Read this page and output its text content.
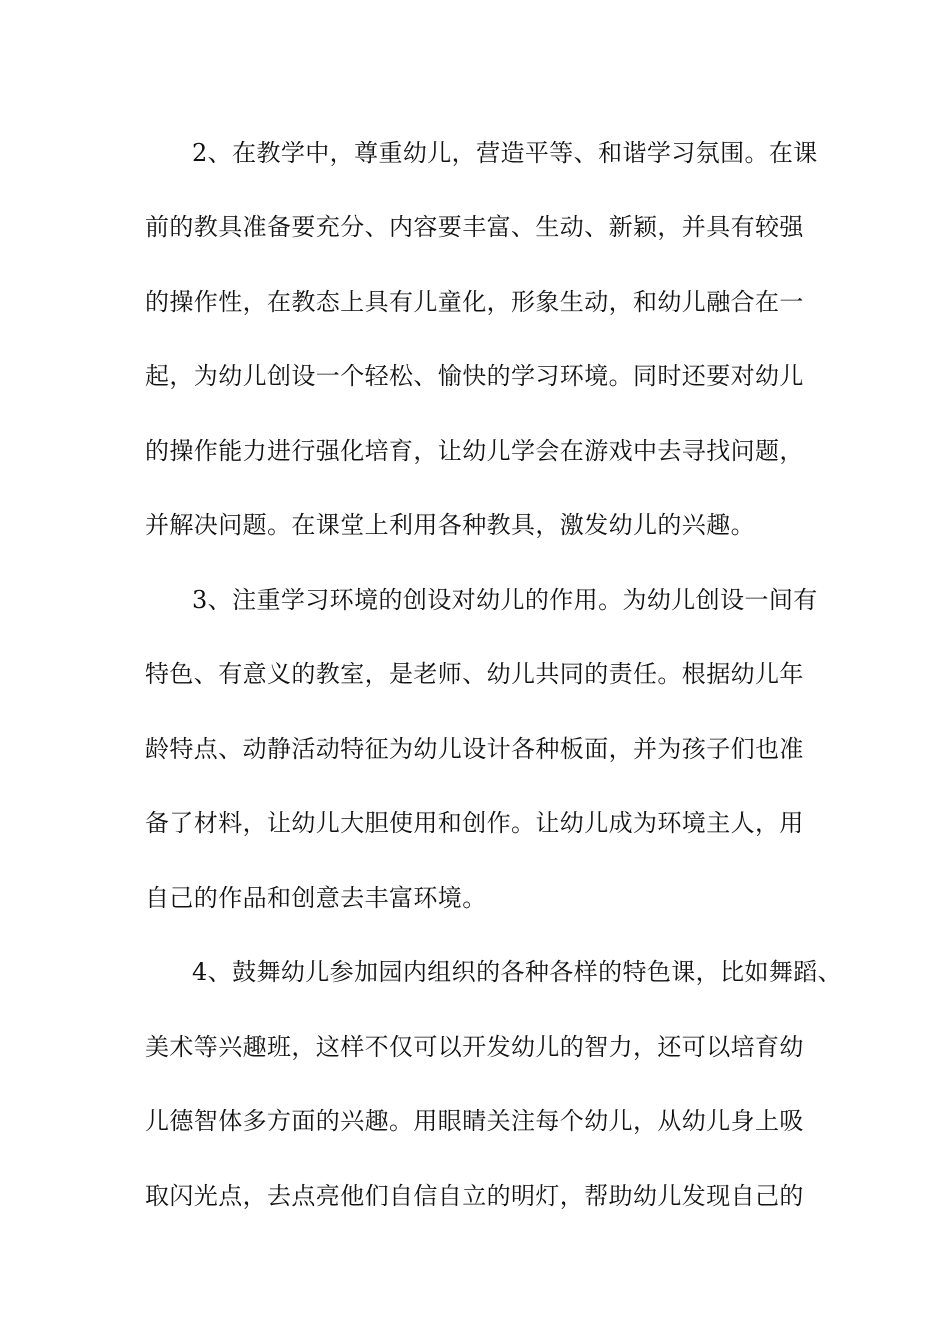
2、在教学中，尊重幼儿，营造平等、和谐学习氛围。在课
前的教具准备要充分、内容要丰富、生动、新颖，并具有较强
的操作性，在教态上具有儿童化，形象生动，和幼儿融合在一
起，为幼儿创设一个轻松、愉快的学习环境。同时还要对幼儿
的操作能力进行强化培育，让幼儿学会在游戏中去寻找问题，
并解决问题。在课堂上利用各种教具，激发幼儿的兴趣。
3、注重学习环境的创设对幼儿的作用。为幼儿创设一间有
特色、有意义的教室，是老师、幼儿共同的责任。根据幼儿年
龄特点、动静活动特征为幼儿设计各种板面，并为孩子们也准
备了材料，让幼儿大胆使用和创作。让幼儿成为环境主人，用
自己的作品和创意去丰富环境。
4、鼓舞幼儿参加园内组织的各种各样的特色课，比如舞蹈、
美术等兴趣班，这样不仅可以开发幼儿的智力，还可以培育幼
儿德智体多方面的兴趣。用眼睛关注每个幼儿，从幼儿身上吸
取闪光点，去点亮他们自信自立的明灯，帮助幼儿发现自己的
